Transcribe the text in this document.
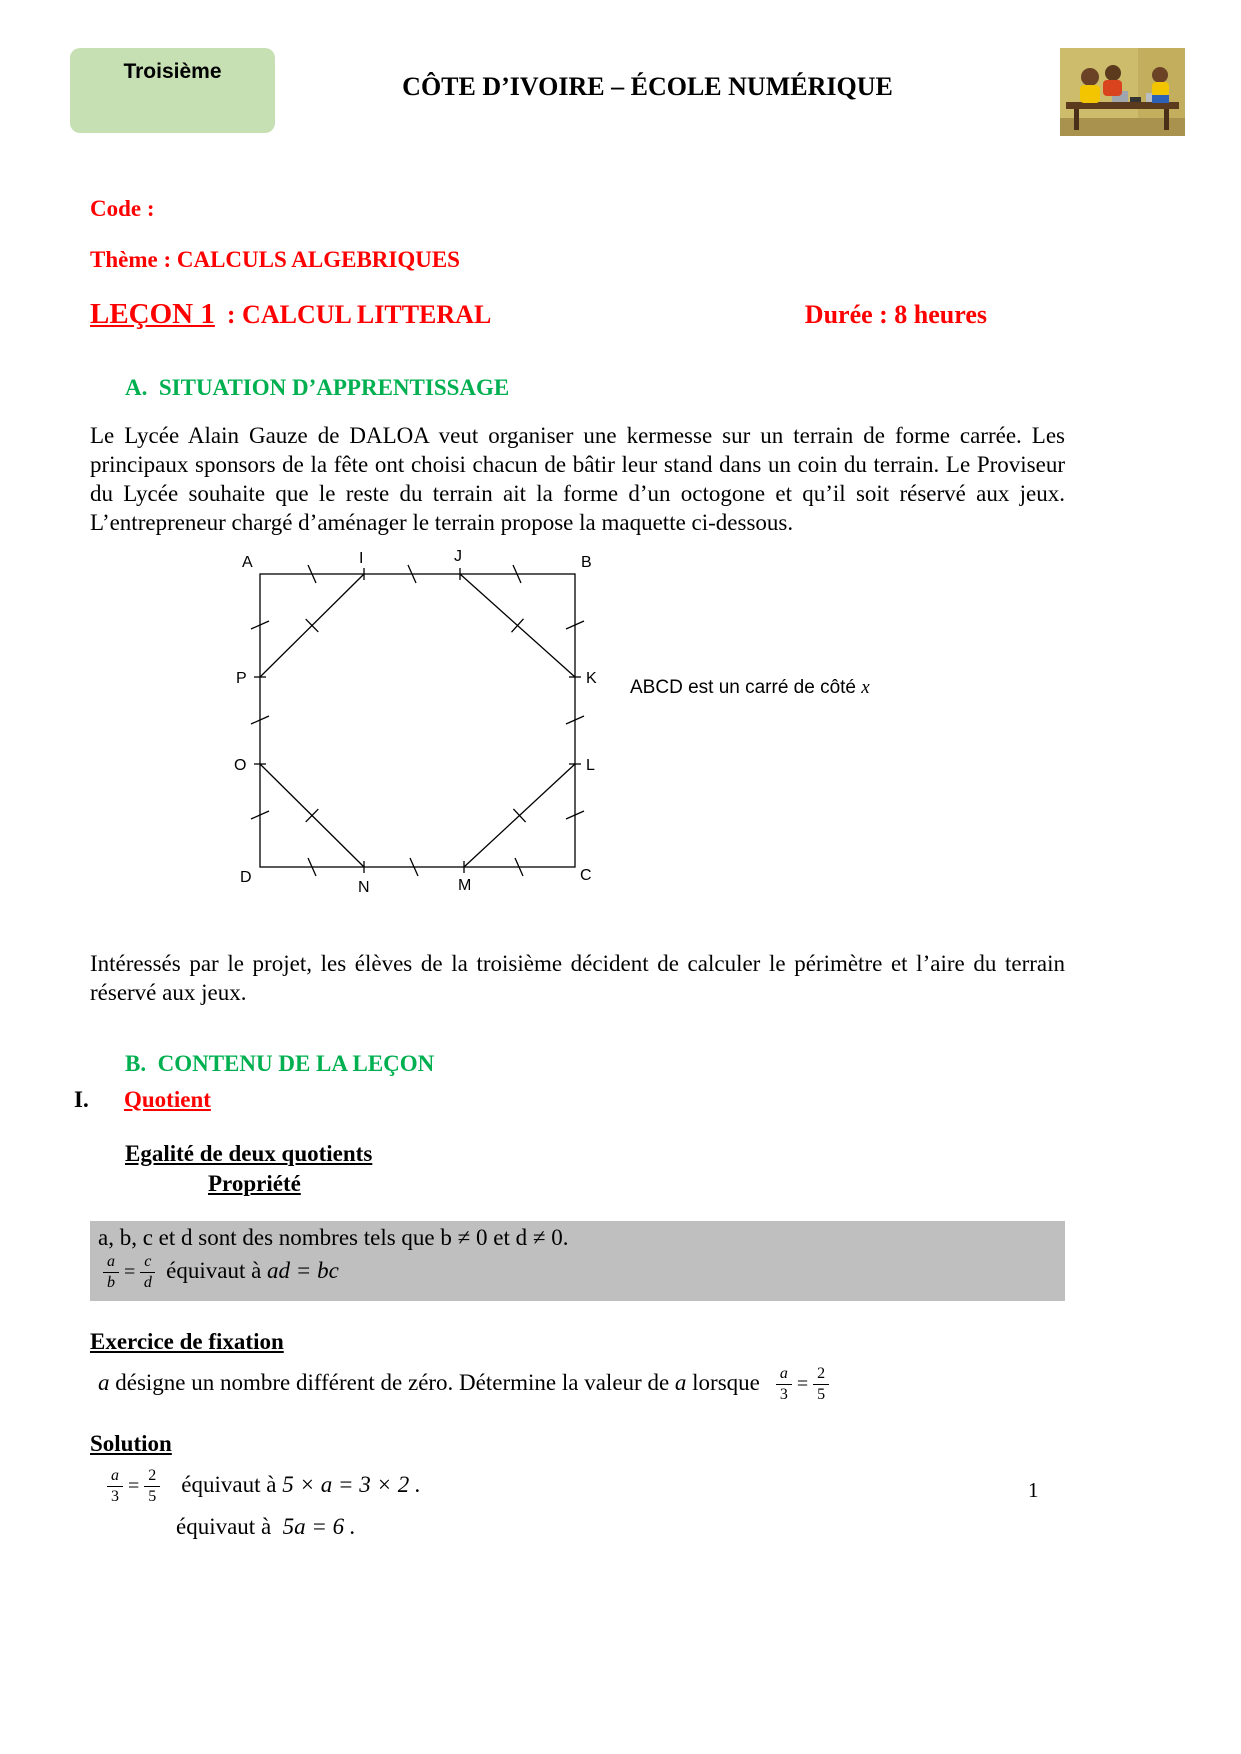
Troisième
CÔTE D’IVOIRE – ÉCOLE NUMÉRIQUE

Code :

Thème : CALCULS ALGEBRIQUES

LEÇON 1 : CALCUL LITTERAL	Durée : 8 heures
A.  SITUATION D’APPRENTISSAGE

Le Lycée Alain Gauze de DALOA veut organiser une kermesse sur un terrain de forme carrée. Les principaux sponsors de la fête ont choisi chacun de bâtir leur stand dans un coin du terrain. Le Proviseur du Lycée souhaite que le reste du terrain ait la forme d’un octogone et qu’il soit réservé aux jeux. L’entrepreneur chargé d’aménager le terrain propose la maquette ci-dessous.

A	I	J	B
P	K
O	L
D
N	M
C
ABCD est un carré de côté x

Intéressés par le projet, les élèves de la troisième décident de calculer le périmètre et l’aire du terrain réservé aux jeux.

B.  CONTENU DE LA LEÇON
I. Quotient
Egalité de deux quotients
Propriété

a, b, c et d sont des nombres tels que b ≠ 0 et d ≠ 0.

$\frac{a}{b} = \frac{c}{d}$ équivaut à ad = bc

Exercice de fixation

a désigne un nombre différent de zéro. Détermine la valeur de a lorsque $\frac{a}{3} = \frac{2}{5}$

Solution

$\frac{a}{3} = \frac{2}{5}$ équivaut à 5 × a = 3 × 2 .

équivaut à 5a = 6 .

1
